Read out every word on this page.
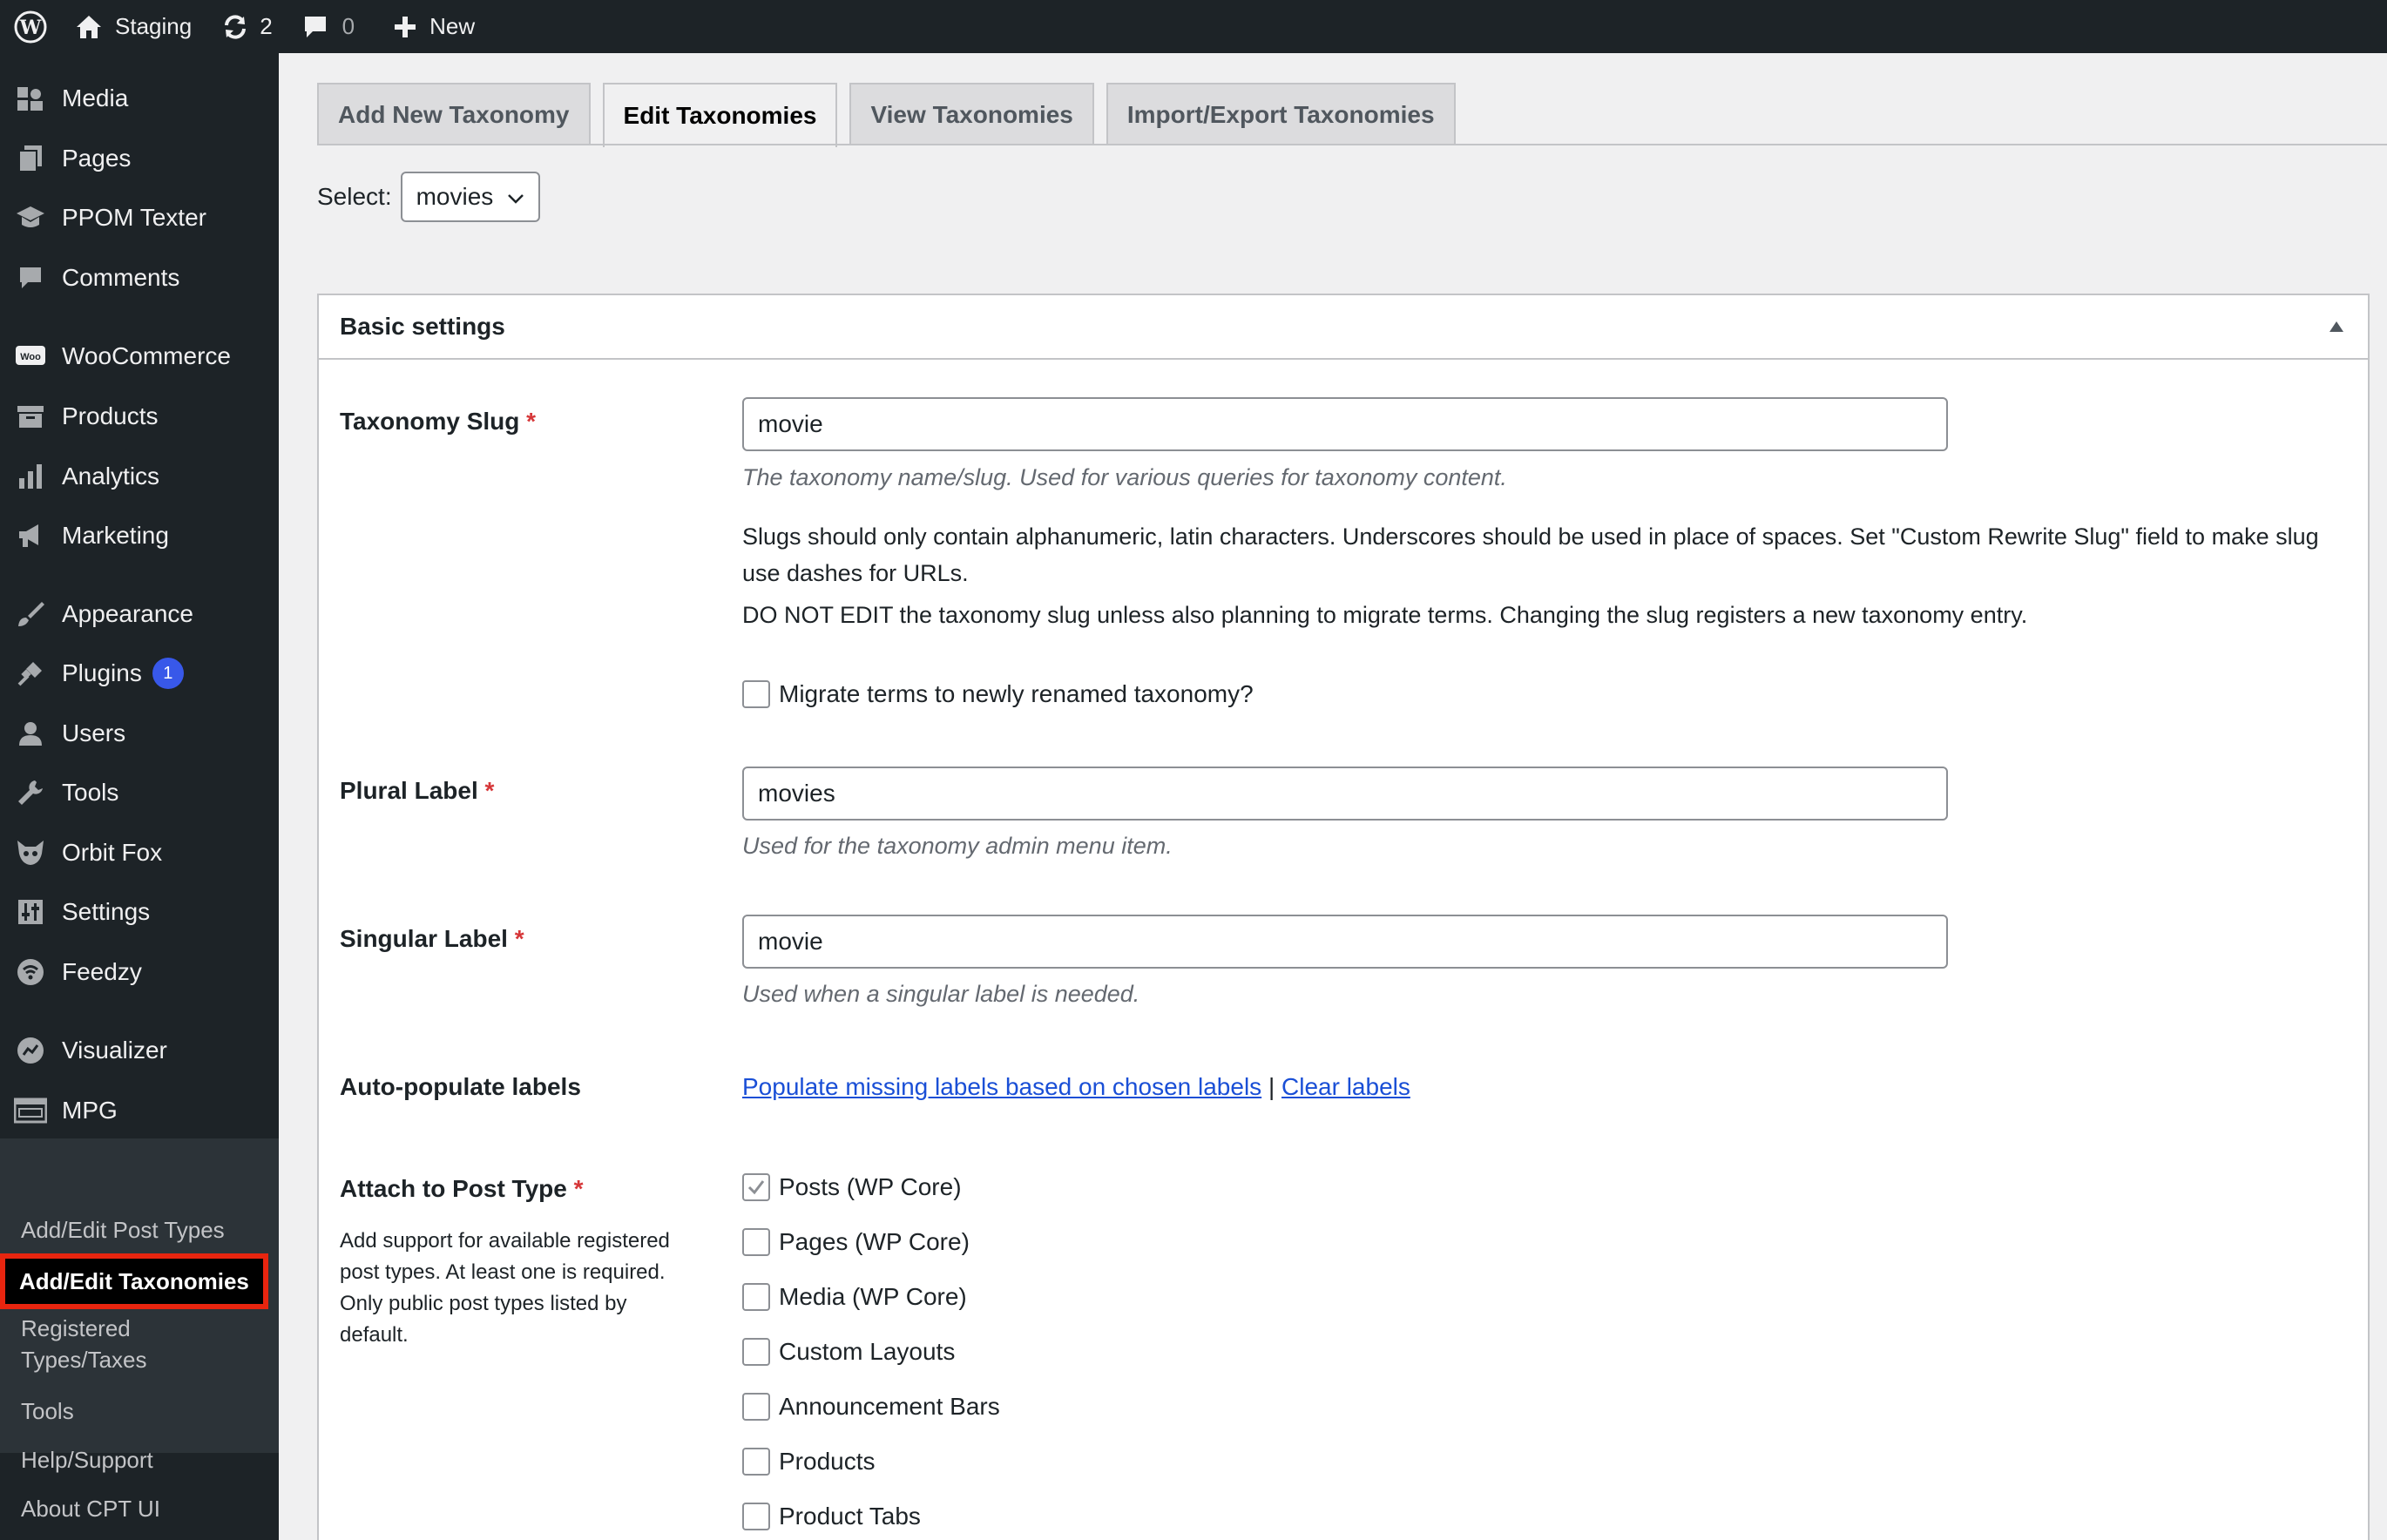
W	Staging	2	0	New
Media
Pages
PPOM Texter
Comments
Woo WooCommerce
Products
Analytics
Marketing
Appearance
Plugins	1
Users
Tools
Orbit Fox
Settings
Feedzy
Visualizer
MPG
Add/Edit Post Types
Add/Edit Taxonomies
Registered Types/Taxes
Tools
Help/Support
About CPT UI
Add New Taxonomy	Edit Taxonomies	View Taxonomies	Import/Export Taxonomies
Select: movies
Basic settings
Taxonomy Slug *	movie
The taxonomy name/slug. Used for various queries for taxonomy content.
Slugs should only contain alphanumeric, latin characters. Underscores should be used in place of spaces. Set "Custom Rewrite Slug" field to make slug use dashes for URLs.
DO NOT EDIT the taxonomy slug unless also planning to migrate terms. Changing the slug registers a new taxonomy entry.
Migrate terms to newly renamed taxonomy?
Plural Label *	movies
Used for the taxonomy admin menu item.
Singular Label *	movie
Used when a singular label is needed.
Auto-populate labels	Populate missing labels based on chosen labels | Clear labels
Attach to Post Type *
Add support for available registered post types. At least one is required. Only public post types listed by default.
Posts (WP Core)
Pages (WP Core)
Media (WP Core)
Custom Layouts
Announcement Bars
Products
Product Tabs
